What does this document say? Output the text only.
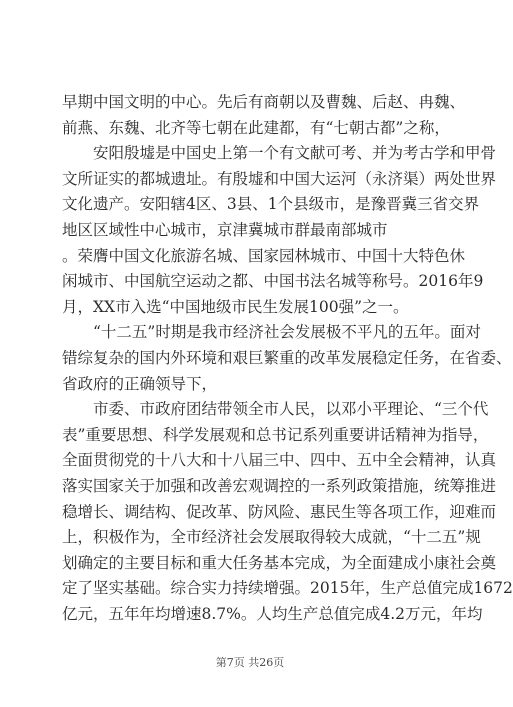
早期中国文明的中心。先后有商朝以及曹魏、后赵、冉魏、
前燕、东魏、北齐等七朝在此建都，有“七朝古都”之称，
　　安阳殷墟是中国史上第一个有文献可考、并为考古学和甲骨
文所证实的都城遗址。有殷墟和中国大运河（永济渠）两处世界
文化遗产。安阳辖4区、3县、1个县级市，是豫晋冀三省交界
地区区域性中心城市，京津冀城市群最南部城市
。荣膺中国文化旅游名城、国家园林城市、中国十大特色休
闲城市、中国航空运动之都、中国书法名城等称号。2016年9
月，XX市入选“中国地级市民生发展100强”之一。
　　“十二五”时期是我市经济社会发展极不平凡的五年。面对
错综复杂的国内外环境和艰巨繁重的改革发展稳定任务，在省委、
省政府的正确领导下，
　　市委、市政府团结带领全市人民，以邓小平理论、“三个代
表”重要思想、科学发展观和总书记系列重要讲话精神为指导，
全面贯彻党的十八大和十八届三中、四中、五中全会精神，认真
落实国家关于加强和改善宏观调控的一系列政策措施，统筹推进
稳增长、调结构、促改革、防风险、惠民生等各项工作，迎难而
上，积极作为，全市经济社会发展取得较大成就，“十二五”规
划确定的主要目标和重大任务基本完成，为全面建成小康社会奠
定了坚实基础。综合实力持续增强。2015年，生产总值完成1672
亿元，五年年均增速8.7%。人均生产总值完成4.2万元，年均
第7页 共26页
